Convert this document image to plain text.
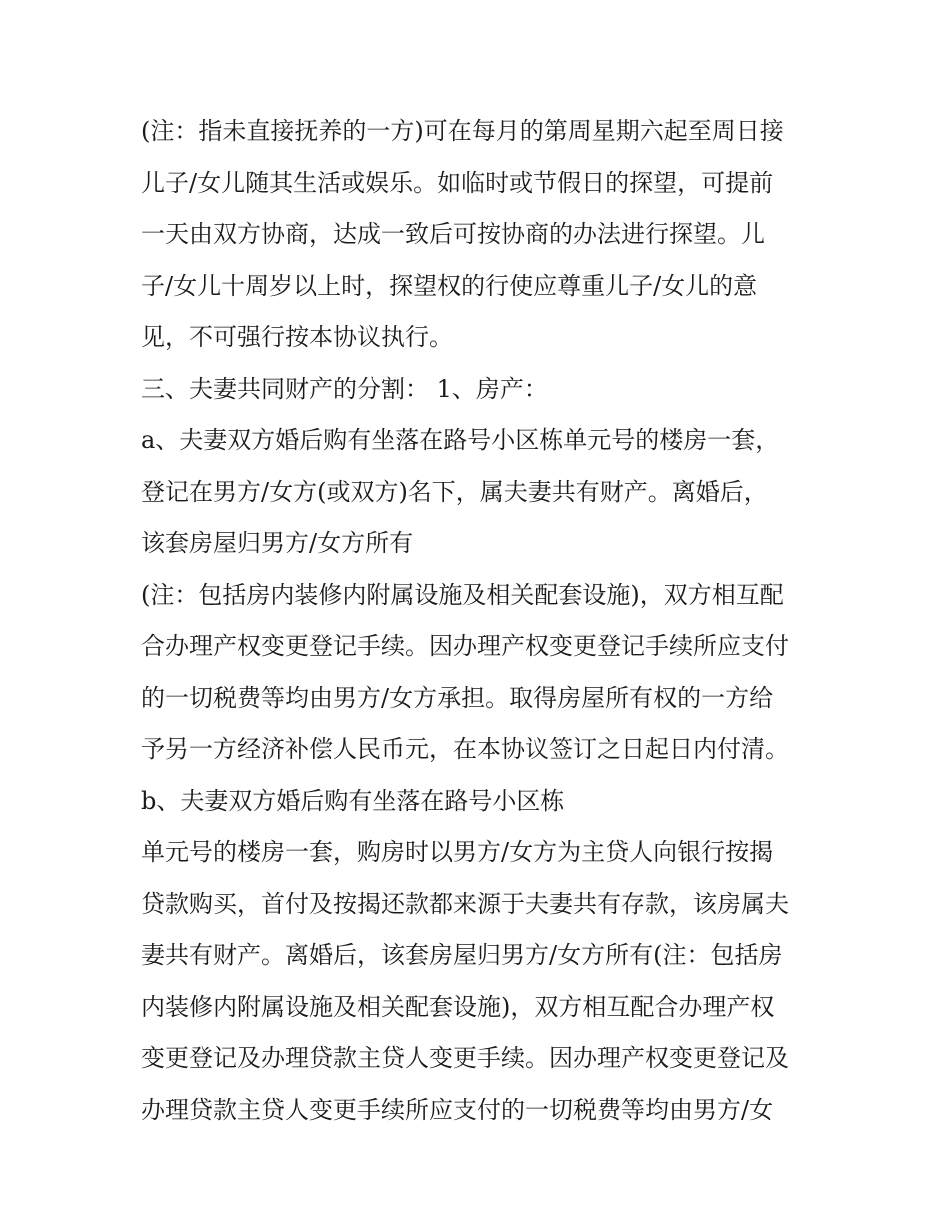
(注：指未直接抚养的一方)可在每月的第周星期六起至周日接
儿子/女儿随其生活或娱乐。如临时或节假日的探望，可提前
一天由双方协商，达成一致后可按协商的办法进行探望。儿
子/女儿十周岁以上时，探望权的行使应尊重儿子/女儿的意
见，不可强行按本协议执行。
三、夫妻共同财产的分割： 1、房产：
a、夫妻双方婚后购有坐落在路号小区栋单元号的楼房一套，
登记在男方/女方(或双方)名下，属夫妻共有财产。离婚后，
该套房屋归男方/女方所有
(注：包括房内装修内附属设施及相关配套设施)，双方相互配
合办理产权变更登记手续。因办理产权变更登记手续所应支付
的一切税费等均由男方/女方承担。取得房屋所有权的一方给
予另一方经济补偿人民币元，在本协议签订之日起日内付清。
b、夫妻双方婚后购有坐落在路号小区栋
单元号的楼房一套，购房时以男方/女方为主贷人向银行按揭
贷款购买，首付及按揭还款都来源于夫妻共有存款，该房属夫
妻共有财产。离婚后，该套房屋归男方/女方所有(注：包括房
内装修内附属设施及相关配套设施)，双方相互配合办理产权
变更登记及办理贷款主贷人变更手续。因办理产权变更登记及
办理贷款主贷人变更手续所应支付的一切税费等均由男方/女
